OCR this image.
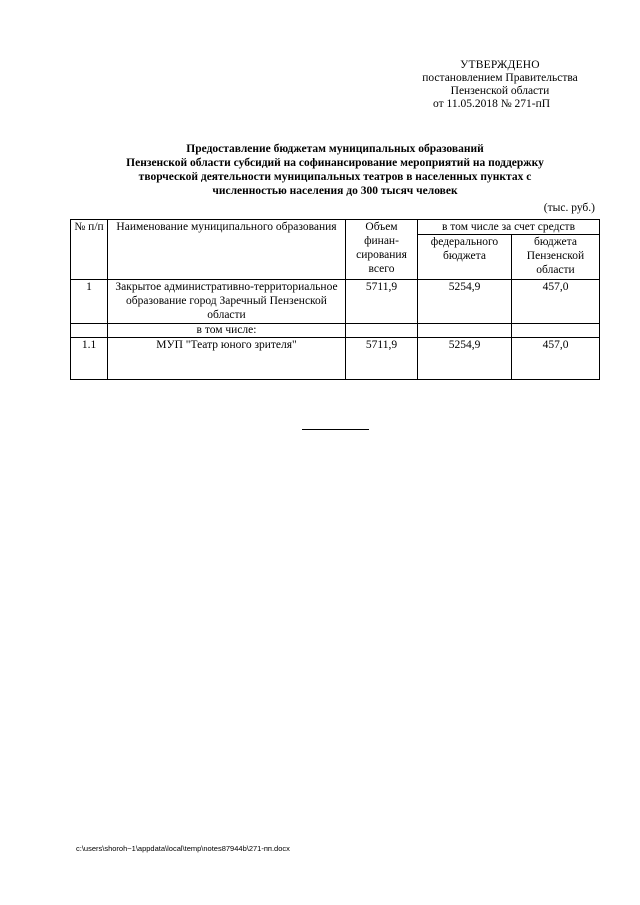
УТВЕРЖДЕНО
постановлением Правительства
Пензенской области
от 11.05.2018 № 271-пП
Предоставление бюджетам муниципальных образований
Пензенской области субсидий на софинансирование мероприятий на поддержку
творческой деятельности муниципальных театров в населенных пунктах с
численностью населения до 300 тысяч человек
(тыс. руб.)
№ п/п	Наименование муниципального образования	Объем финан-сирования всего	в том числе за счет средств	
			федерального бюджета	бюджета Пензенской области
1	Закрытое административно-территориальное образование город Заречный Пензенской области	5711,9	5254,9	457,0
	в том числе:			
1.1	МУП "Театр юного зрителя"	5711,9	5254,9	457,0
c:\users\shoroh~1\appdata\local\temp\notes87944b\271-пп.docx
